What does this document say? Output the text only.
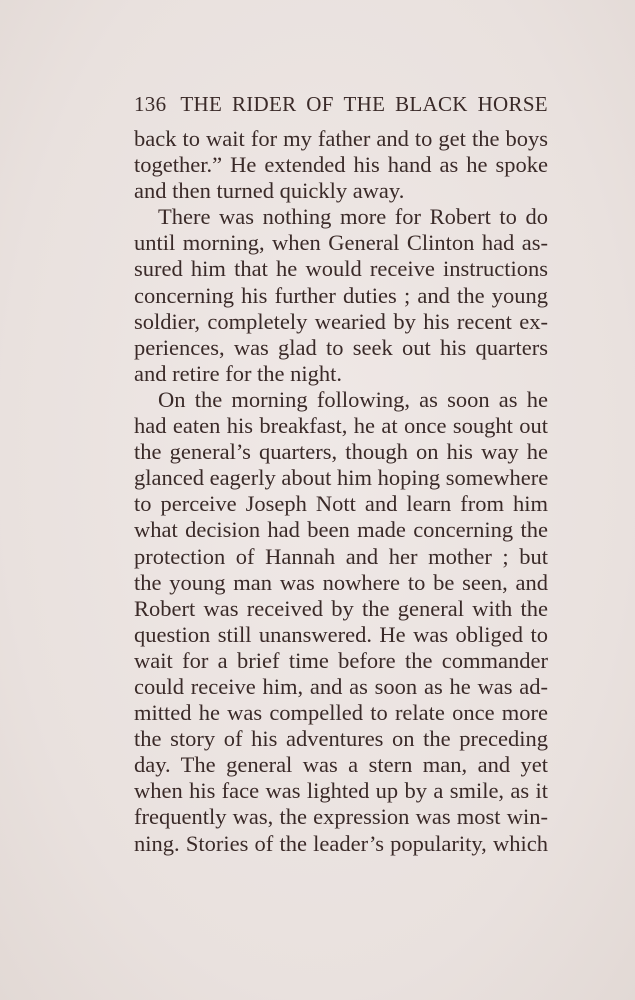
136 THE RIDER OF THE BLACK HORSE
back to wait for my father and to get the boys
together.” He extended his hand as he spoke
and then turned quickly away.
There was nothing more for Robert to do
until morning, when General Clinton had as-
sured him that he would receive instructions
concerning his further duties ; and the young
soldier, completely wearied by his recent ex-
periences, was glad to seek out his quarters
and retire for the night.
On the morning following, as soon as he
had eaten his breakfast, he at once sought out
the general’s quarters, though on his way he
glanced eagerly about him hoping somewhere
to perceive Joseph Nott and learn from him
what decision had been made concerning the
protection of Hannah and her mother ; but
the young man was nowhere to be seen, and
Robert was received by the general with the
question still unanswered. He was obliged to
wait for a brief time before the commander
could receive him, and as soon as he was ad-
mitted he was compelled to relate once more
the story of his adventures on the preceding
day. The general was a stern man, and yet
when his face was lighted up by a smile, as it
frequently was, the expression was most win-
ning. Stories of the leader’s popularity, which
